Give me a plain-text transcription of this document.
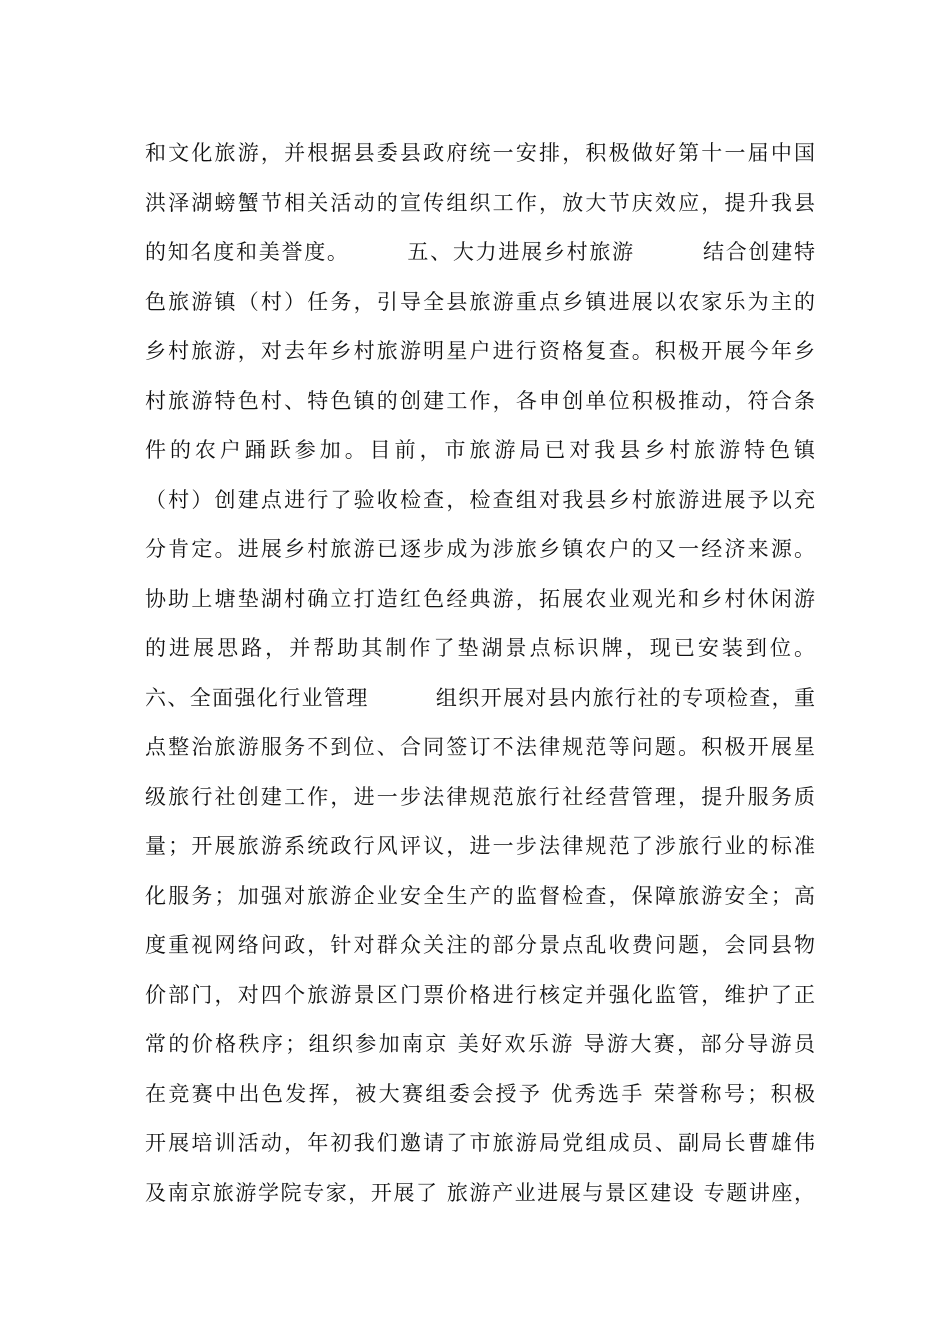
和文化旅游，并根据县委县政府统一安排，积极做好第十一届中国
洪泽湖螃蟹节相关活动的宣传组织工作，放大节庆效应，提升我县
的知名度和美誉度。　　　五、大力进展乡村旅游　　　结合创建特
色旅游镇（村）任务，引导全县旅游重点乡镇进展以农家乐为主的
乡村旅游，对去年乡村旅游明星户进行资格复查。积极开展今年乡
村旅游特色村、特色镇的创建工作，各申创单位积极推动，符合条
件的农户踊跃参加。目前，市旅游局已对我县乡村旅游特色镇
（村）创建点进行了验收检查，检查组对我县乡村旅游进展予以充
分肯定。进展乡村旅游已逐步成为涉旅乡镇农户的又一经济来源。
协助上塘垫湖村确立打造红色经典游，拓展农业观光和乡村休闲游
的进展思路，并帮助其制作了垫湖景点标识牌，现已安装到位。
六、全面强化行业管理　　　组织开展对县内旅行社的专项检查，重
点整治旅游服务不到位、合同签订不法律规范等问题。积极开展星
级旅行社创建工作，进一步法律规范旅行社经营管理，提升服务质
量；开展旅游系统政行风评议，进一步法律规范了涉旅行业的标准
化服务；加强对旅游企业安全生产的监督检查，保障旅游安全；高
度重视网络问政，针对群众关注的部分景点乱收费问题，会同县物
价部门，对四个旅游景区门票价格进行核定并强化监管，维护了正
常的价格秩序；组织参加南京 美好欢乐游 导游大赛，部分导游员
在竞赛中出色发挥，被大赛组委会授予 优秀选手 荣誉称号；积极
开展培训活动，年初我们邀请了市旅游局党组成员、副局长曹雄伟
及南京旅游学院专家，开展了 旅游产业进展与景区建设 专题讲座，
